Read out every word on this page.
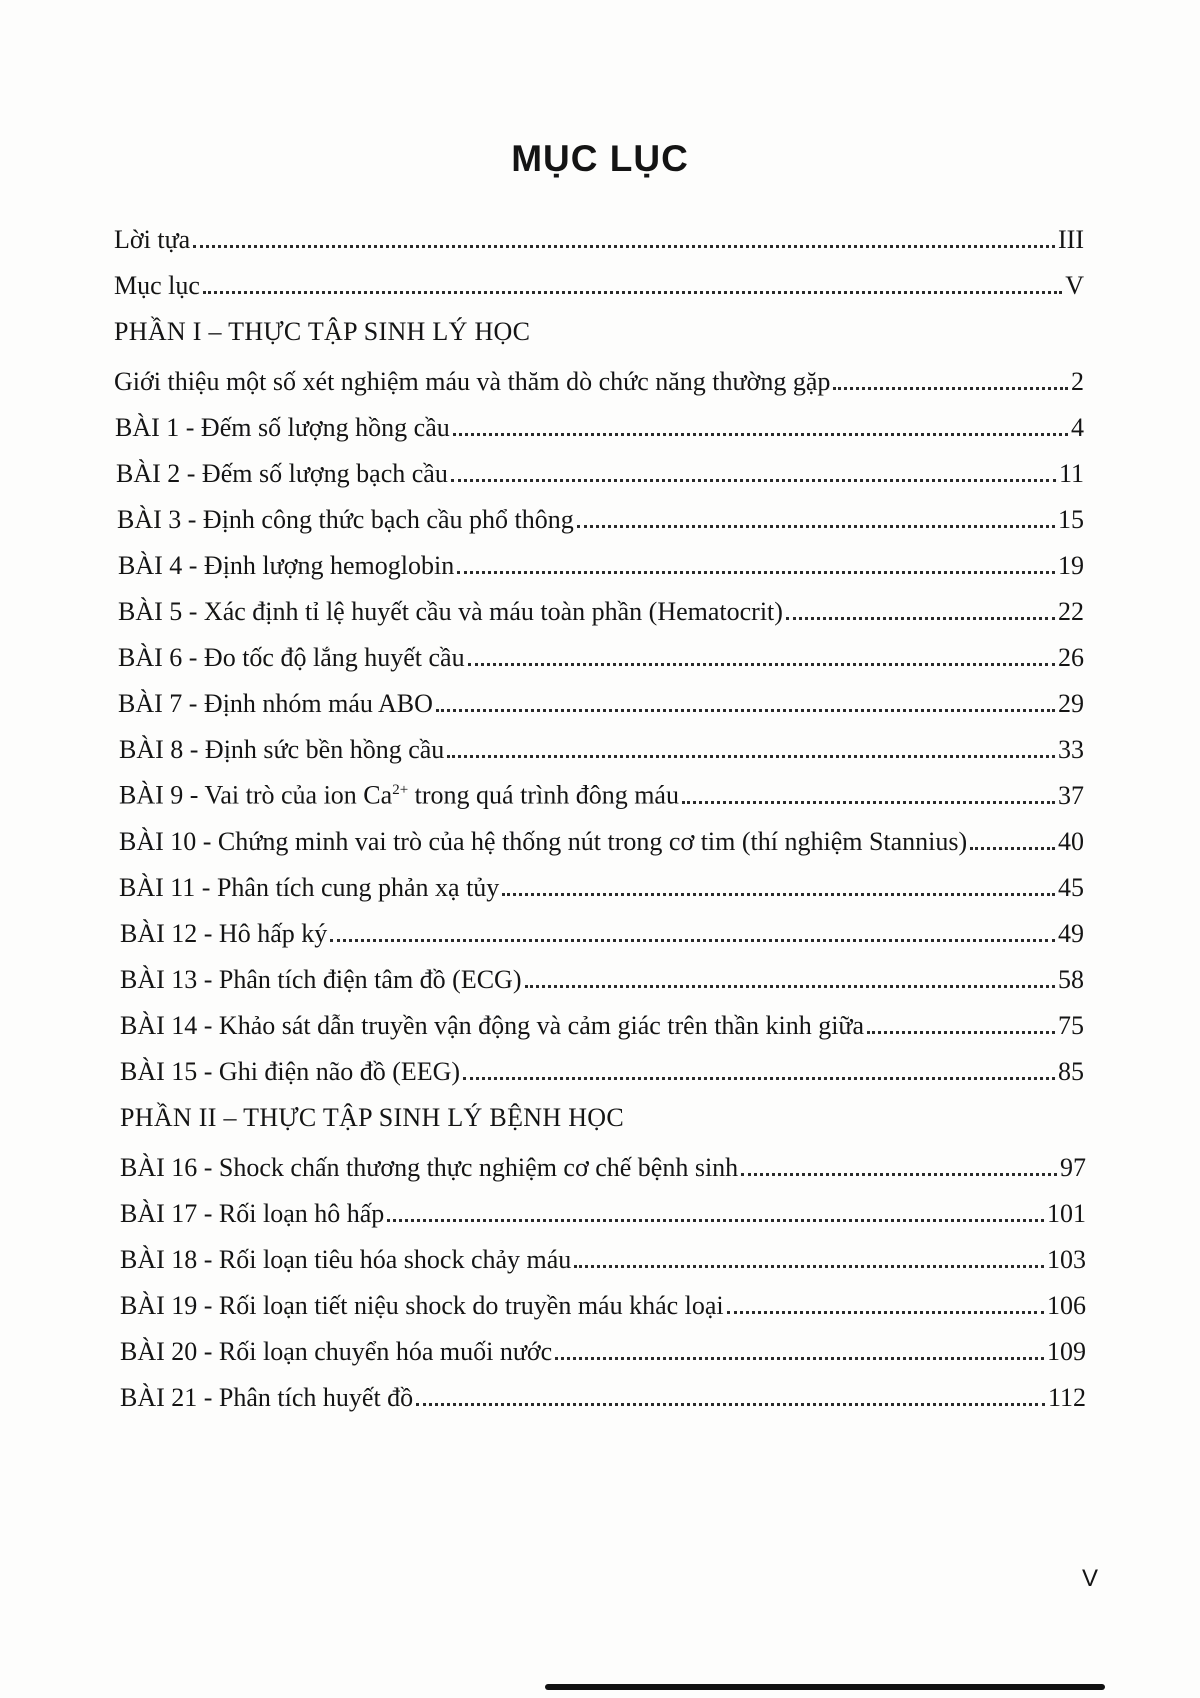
MỤC LỤC
Lời tựa	III
Mục lục	V
PHẦN I – THỰC TẬP SINH LÝ HỌC
Giới thiệu một số xét nghiệm máu và thăm dò chức năng thường gặp	2
BÀI 1 - Đếm số lượng hồng cầu	4
BÀI 2 - Đếm số lượng bạch cầu	11
BÀI 3 - Định công thức bạch cầu phổ thông	15
BÀI 4 - Định lượng hemoglobin	19
BÀI 5 - Xác định tỉ lệ huyết cầu và máu toàn phần (Hematocrit)	22
BÀI 6 - Đo tốc độ lắng huyết cầu	26
BÀI 7 - Định nhóm máu ABO	29
BÀI 8 - Định sức bền hồng cầu	33
BÀI 9 - Vai trò của ion $Ca^{2+}$ trong quá trình đông máu	37
BÀI 10 - Chứng minh vai trò của hệ thống nút trong cơ tim (thí nghiệm Stannius)	40
BÀI 11 - Phân tích cung phản xạ tủy	45
BÀI 12 - Hô hấp ký	49
BÀI 13 - Phân tích điện tâm đồ (ECG)	58
BÀI 14 - Khảo sát dẫn truyền vận động và cảm giác trên thần kinh giữa	75
BÀI 15 - Ghi điện não đồ (EEG)	85
PHẦN II – THỰC TẬP SINH LÝ BỆNH HỌC
BÀI 16 - Shock chấn thương thực nghiệm cơ chế bệnh sinh	97
BÀI 17 - Rối loạn hô hấp	101
BÀI 18 - Rối loạn tiêu hóa shock chảy máu	103
BÀI 19 - Rối loạn tiết niệu shock do truyền máu khác loại	106
BÀI 20 - Rối loạn chuyển hóa muối nước	109
BÀI 21 - Phân tích huyết đồ	112
V
